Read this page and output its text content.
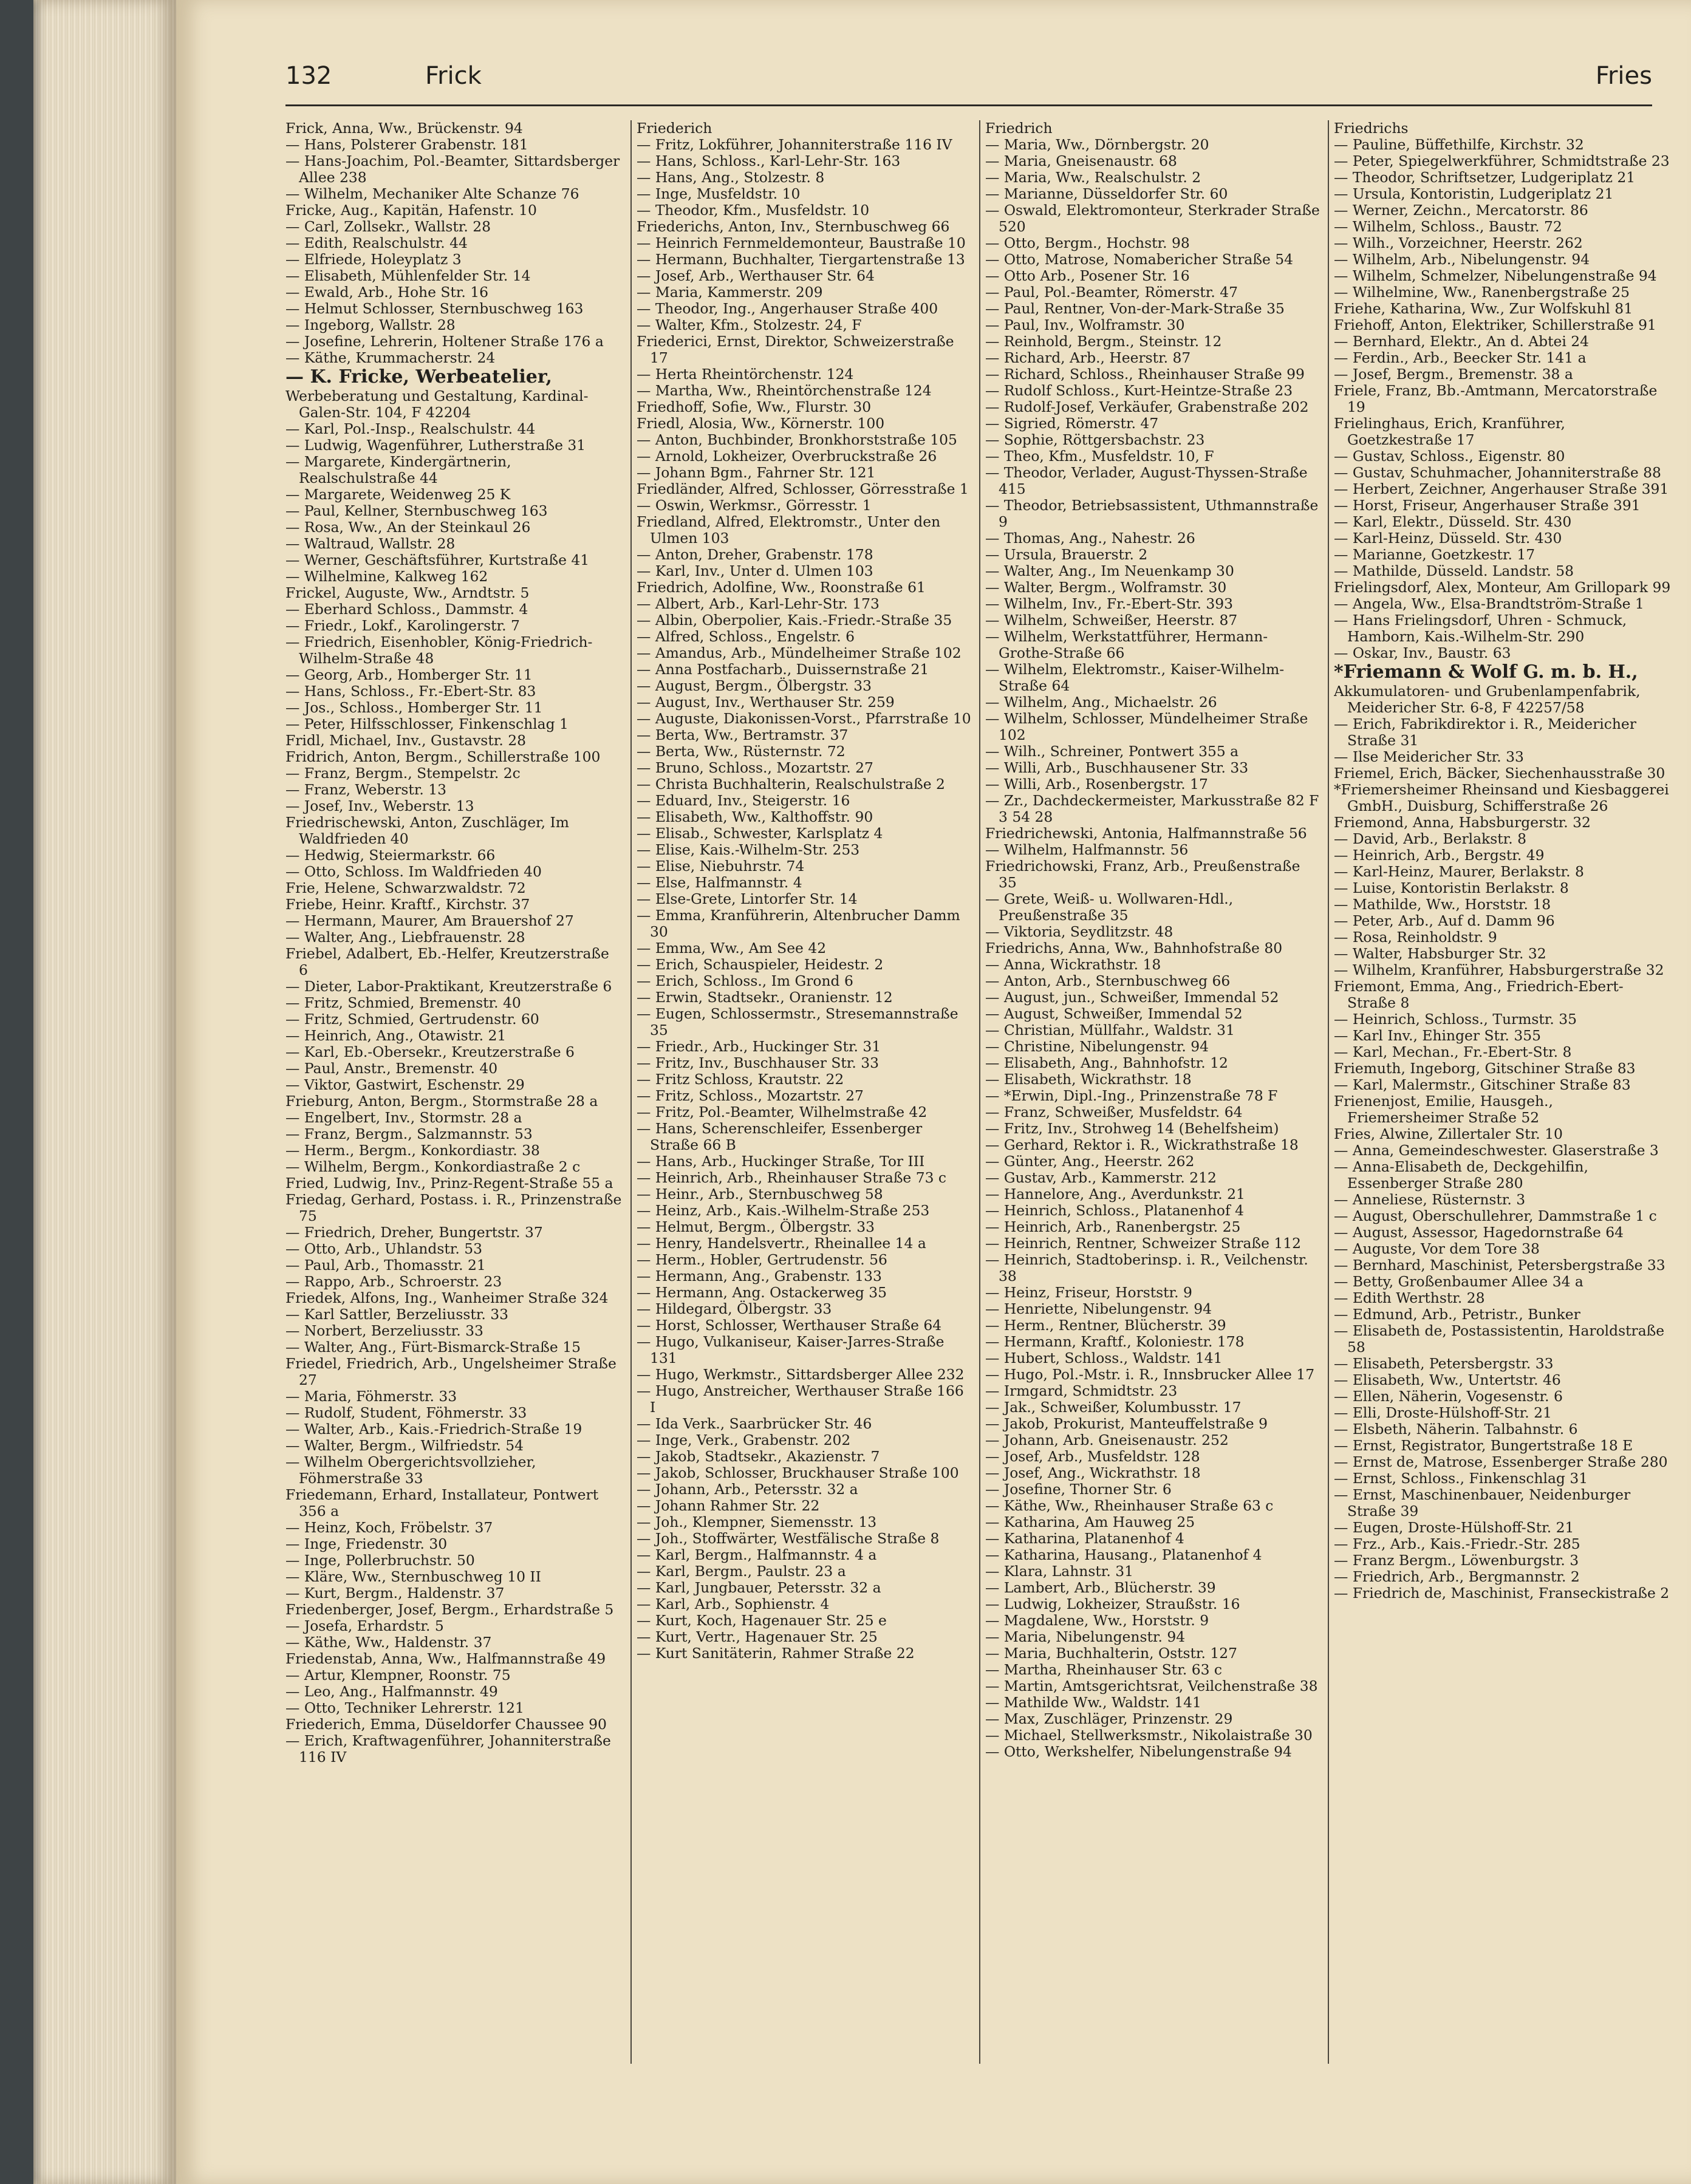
132	Frick	Fries

Frick, Anna, Ww., Brückenstr. 94

— Hans, Polsterer Grabenstr. 181

— Hans-Joachim, Pol.-Beamter, Sittardsberger Allee 238

— Wilhelm, Mechaniker Alte Schanze 76

Fricke, Aug., Kapitän, Hafenstr. 10

— Carl, Zollsekr., Wallstr. 28

— Edith, Realschulstr. 44

— Elfriede, Holeyplatz 3

— Elisabeth, Mühlenfelder Str. 14

— Ewald, Arb., Hohe Str. 16

— Helmut Schlosser, Sternbuschweg 163

— Ingeborg, Wallstr. 28

— Josefine, Lehrerin, Holtener Straße 176 a

— Käthe, Krummacherstr. 24

— K. Fricke, Werbeatelier,

Werbeberatung und Gestaltung, Kardinal-Galen-Str. 104, F 42204

— Karl, Pol.-Insp., Realschulstr. 44

— Ludwig, Wagenführer, Lutherstraße 31

— Margarete, Kindergärtnerin, Realschulstraße 44

— Margarete, Weidenweg 25 K

— Paul, Kellner, Sternbuschweg 163

— Rosa, Ww., An der Steinkaul 26

— Waltraud, Wallstr. 28

— Werner, Geschäftsführer, Kurtstraße 41

— Wilhelmine, Kalkweg 162

Frickel, Auguste, Ww., Arndtstr. 5

— Eberhard Schloss., Dammstr. 4

— Friedr., Lokf., Karolingerstr. 7

— Friedrich, Eisenhobler, König-Friedrich-Wilhelm-Straße 48

— Georg, Arb., Homberger Str. 11

— Hans, Schloss., Fr.-Ebert-Str. 83

— Jos., Schloss., Homberger Str. 11

— Peter, Hilfsschlosser, Finkenschlag 1

Fridl, Michael, Inv., Gustavstr. 28

Fridrich, Anton, Bergm., Schillerstraße 100

— Franz, Bergm., Stempelstr. 2c

— Franz, Weberstr. 13

— Josef, Inv., Weberstr. 13

Friedrischewski, Anton, Zuschläger, Im Waldfrieden 40

— Hedwig, Steiermarkstr. 66

— Otto, Schloss. Im Waldfrieden 40

Frie, Helene, Schwarzwaldstr. 72

Friebe, Heinr. Kraftf., Kirchstr. 37

— Hermann, Maurer, Am Brauershof 27

— Walter, Ang., Liebfrauenstr. 28

Friebel, Adalbert, Eb.-Helfer, Kreutzerstraße 6

— Dieter, Labor-Praktikant, Kreutzerstraße 6

— Fritz, Schmied, Bremenstr. 40

— Fritz, Schmied, Gertrudenstr. 60

— Heinrich, Ang., Otawistr. 21

— Karl, Eb.-Obersekr., Kreutzerstraße 6

— Paul, Anstr., Bremenstr. 40

— Viktor, Gastwirt, Eschenstr. 29

Frieburg, Anton, Bergm., Stormstraße 28 a

— Engelbert, Inv., Stormstr. 28 a

— Franz, Bergm., Salzmannstr. 53

— Herm., Bergm., Konkordiastr. 38

— Wilhelm, Bergm., Konkordiastraße 2 c

Fried, Ludwig, Inv., Prinz-Regent-Straße 55 a

Friedag, Gerhard, Postass. i. R., Prinzenstraße 75

— Friedrich, Dreher, Bungertstr. 37

— Otto, Arb., Uhlandstr. 53

— Paul, Arb., Thomasstr. 21

— Rappo, Arb., Schroerstr. 23

Friedek, Alfons, Ing., Wanheimer Straße 324

— Karl Sattler, Berzeliusstr. 33

— Norbert, Berzeliusstr. 33

— Walter, Ang., Fürt-Bismarck-Straße 15

Friedel, Friedrich, Arb., Ungelsheimer Straße 27

— Maria, Föhmerstr. 33

— Rudolf, Student, Föhmerstr. 33

— Walter, Arb., Kais.-Friedrich-Straße 19

— Walter, Bergm., Wilfriedstr. 54

— Wilhelm Obergerichtsvollzieher, Föhmerstraße 33

Friedemann, Erhard, Installateur, Pontwert 356 a

— Heinz, Koch, Fröbelstr. 37

— Inge, Friedenstr. 30

— Inge, Pollerbruchstr. 50

— Kläre, Ww., Sternbuschweg 10 II

— Kurt, Bergm., Haldenstr. 37

Friedenberger, Josef, Bergm., Erhardstraße 5

— Josefa, Erhardstr. 5

— Käthe, Ww., Haldenstr. 37

Friedenstab, Anna, Ww., Halfmannstraße 49

— Artur, Klempner, Roonstr. 75

— Leo, Ang., Halfmannstr. 49

— Otto, Techniker Lehrerstr. 121

Friederich, Emma, Düseldorfer Chaussee 90

— Erich, Kraftwagenführer, Johanniterstraße 116 IV

Friederich

— Fritz, Lokführer, Johanniterstraße 116 IV

— Hans, Schloss., Karl-Lehr-Str. 163

— Hans, Ang., Stolzestr. 8

— Inge, Musfeldstr. 10

— Theodor, Kfm., Musfeldstr. 10

Friederichs, Anton, Inv., Sternbuschweg 66

— Heinrich Fernmeldemonteur, Baustraße 10

— Hermann, Buchhalter, Tiergartenstraße 13

— Josef, Arb., Werthauser Str. 64

— Maria, Kammerstr. 209

— Theodor, Ing., Angerhauser Straße 400

— Walter, Kfm., Stolzestr. 24, F

Friederici, Ernst, Direktor, Schweizerstraße 17

— Herta Rheintörchenstr. 124

— Martha, Ww., Rheintörchenstraße 124

Friedhoff, Sofie, Ww., Flurstr. 30

Friedl, Alosia, Ww., Körnerstr. 100

— Anton, Buchbinder, Bronkhorststraße 105

— Arnold, Lokheizer, Overbruckstraße 26

— Johann Bgm., Fahrner Str. 121

Friedländer, Alfred, Schlosser, Görresstraße 1

— Oswin, Werkmsr., Görresstr. 1

Friedland, Alfred, Elektromstr., Unter den Ulmen 103

— Anton, Dreher, Grabenstr. 178

— Karl, Inv., Unter d. Ulmen 103

Friedrich, Adolfine, Ww., Roonstraße 61

— Albert, Arb., Karl-Lehr-Str. 173

— Albin, Oberpolier, Kais.-Friedr.-Straße 35

— Alfred, Schloss., Engelstr. 6

— Amandus, Arb., Mündelheimer Straße 102

— Anna Postfacharb., Duissernstraße 21

— August, Bergm., Ölbergstr. 33

— August, Inv., Werthauser Str. 259

— Auguste, Diakonissen-Vorst., Pfarrstraße 10

— Berta, Ww., Bertramstr. 37

— Berta, Ww., Rüsternstr. 72

— Bruno, Schloss., Mozartstr. 27

— Christa Buchhalterin, Realschulstraße 2

— Eduard, Inv., Steigerstr. 16

— Elisabeth, Ww., Kalthoffstr. 90

— Elisab., Schwester, Karlsplatz 4

— Elise, Kais.-Wilhelm-Str. 253

— Elise, Niebuhrstr. 74

— Else, Halfmannstr. 4

— Else-Grete, Lintorfer Str. 14

— Emma, Kranführerin, Altenbrucher Damm 30

— Emma, Ww., Am See 42

— Erich, Schauspieler, Heidestr. 2

— Erich, Schloss., Im Grond 6

— Erwin, Stadtsekr., Oranienstr. 12

— Eugen, Schlossermstr., Stresemannstraße 35

— Friedr., Arb., Huckinger Str. 31

— Fritz, Inv., Buschhauser Str. 33

— Fritz Schloss, Krautstr. 22

— Fritz, Schloss., Mozartstr. 27

— Fritz, Pol.-Beamter, Wilhelmstraße 42

— Hans, Scherenschleifer, Essenberger Straße 66 B

— Hans, Arb., Huckinger Straße, Tor III

— Heinrich, Arb., Rheinhauser Straße 73 c

— Heinr., Arb., Sternbuschweg 58

— Heinz, Arb., Kais.-Wilhelm-Straße 253

— Helmut, Bergm., Ölbergstr. 33

— Henry, Handelsvertr., Rheinallee 14 a

— Herm., Hobler, Gertrudenstr. 56

— Hermann, Ang., Grabenstr. 133

— Hermann, Ang. Ostackerweg 35

— Hildegard, Ölbergstr. 33

— Horst, Schlosser, Werthauser Straße 64

— Hugo, Vulkaniseur, Kaiser-Jarres-Straße 131

— Hugo, Werkmstr., Sittardsberger Allee 232

— Hugo, Anstreicher, Werthauser Straße 166 I

— Ida Verk., Saarbrücker Str. 46

— Inge, Verk., Grabenstr. 202

— Jakob, Stadtsekr., Akazienstr. 7

— Jakob, Schlosser, Bruckhauser Straße 100

— Johann, Arb., Petersstr. 32 a

— Johann Rahmer Str. 22

— Joh., Klempner, Siemensstr. 13

— Joh., Stoffwärter, Westfälische Straße 8

— Karl, Bergm., Halfmannstr. 4 a

— Karl, Bergm., Paulstr. 23 a

— Karl, Jungbauer, Petersstr. 32 a

— Karl, Arb., Sophienstr. 4

— Kurt, Koch, Hagenauer Str. 25 e

— Kurt, Vertr., Hagenauer Str. 25

— Kurt Sanitäterin, Rahmer Straße 22

Friedrich

— Maria, Ww., Dörnbergstr. 20

— Maria, Gneisenaustr. 68

— Maria, Ww., Realschulstr. 2

— Marianne, Düsseldorfer Str. 60

— Oswald, Elektromonteur, Sterkrader Straße 520

— Otto, Bergm., Hochstr. 98

— Otto, Matrose, Nomabericher Straße 54

— Otto Arb., Posener Str. 16

— Paul, Pol.-Beamter, Römerstr. 47

— Paul, Rentner, Von-der-Mark-Straße 35

— Paul, Inv., Wolframstr. 30

— Reinhold, Bergm., Steinstr. 12

— Richard, Arb., Heerstr. 87

— Richard, Schloss., Rheinhauser Straße 99

— Rudolf Schloss., Kurt-Heintze-Straße 23

— Rudolf-Josef, Verkäufer, Grabenstraße 202

— Sigried, Römerstr. 47

— Sophie, Röttgersbachstr. 23

— Theo, Kfm., Musfeldstr. 10, F

— Theodor, Verlader, August-Thyssen-Straße 415

— Theodor, Betriebsassistent, Uthmannstraße 9

— Thomas, Ang., Nahestr. 26

— Ursula, Brauerstr. 2

— Walter, Ang., Im Neuenkamp 30

— Walter, Bergm., Wolframstr. 30

— Wilhelm, Inv., Fr.-Ebert-Str. 393

— Wilhelm, Schweißer, Heerstr. 87

— Wilhelm, Werkstattführer, Hermann-Grothe-Straße 66

— Wilhelm, Elektromstr., Kaiser-Wilhelm-Straße 64

— Wilhelm, Ang., Michaelstr. 26

— Wilhelm, Schlosser, Mündelheimer Straße 102

— Wilh., Schreiner, Pontwert 355 a

— Willi, Arb., Buschhausener Str. 33

— Willi, Arb., Rosenbergstr. 17

— Zr., Dachdeckermeister, Markusstraße 82 F 3 54 28

Friedrichewski, Antonia, Halfmannstraße 56

— Wilhelm, Halfmannstr. 56

Friedrichowski, Franz, Arb., Preußenstraße 35

— Grete, Weiß- u. Wollwaren-Hdl., Preußenstraße 35

— Viktoria, Seydlitzstr. 48

Friedrichs, Anna, Ww., Bahnhofstraße 80

— Anna, Wickrathstr. 18

— Anton, Arb., Sternbuschweg 66

— August, jun., Schweißer, Immendal 52

— August, Schweißer, Immendal 52

— Christian, Müllfahr., Waldstr. 31

— Christine, Nibelungenstr. 94

— Elisabeth, Ang., Bahnhofstr. 12

— Elisabeth, Wickrathstr. 18

— *Erwin, Dipl.-Ing., Prinzenstraße 78 F

— Franz, Schweißer, Musfeldstr. 64

— Fritz, Inv., Strohweg 14 (Behelfsheim)

— Gerhard, Rektor i. R., Wickrathstraße 18

— Günter, Ang., Heerstr. 262

— Gustav, Arb., Kammerstr. 212

— Hannelore, Ang., Averdunkstr. 21

— Heinrich, Schloss., Platanenhof 4

— Heinrich, Arb., Ranenbergstr. 25

— Heinrich, Rentner, Schweizer Straße 112

— Heinrich, Stadtoberinsp. i. R., Veilchenstr. 38

— Heinz, Friseur, Horststr. 9

— Henriette, Nibelungenstr. 94

— Herm., Rentner, Blücherstr. 39

— Hermann, Kraftf., Koloniestr. 178

— Hubert, Schloss., Waldstr. 141

— Hugo, Pol.-Mstr. i. R., Innsbrucker Allee 17

— Irmgard, Schmidtstr. 23

— Jak., Schweißer, Kolumbusstr. 17

— Jakob, Prokurist, Manteuffelstraße 9

— Johann, Arb. Gneisenaustr. 252

— Josef, Arb., Musfeldstr. 128

— Josef, Ang., Wickrathstr. 18

— Josefine, Thorner Str. 6

— Käthe, Ww., Rheinhauser Straße 63 c

— Katharina, Am Hauweg 25

— Katharina, Platanenhof 4

— Katharina, Hausang., Platanenhof 4

— Klara, Lahnstr. 31

— Lambert, Arb., Blücherstr. 39

— Ludwig, Lokheizer, Straußstr. 16

— Magdalene, Ww., Horststr. 9

— Maria, Nibelungenstr. 94

— Maria, Buchhalterin, Oststr. 127

— Martha, Rheinhauser Str. 63 c

— Martin, Amtsgerichtsrat, Veilchenstraße 38

— Mathilde Ww., Waldstr. 141

— Max, Zuschläger, Prinzenstr. 29

— Michael, Stellwerksmstr., Nikolaistraße 30

— Otto, Werkshelfer, Nibelungenstraße 94

Friedrichs

— Pauline, Büffethilfe, Kirchstr. 32

— Peter, Spiegelwerkführer, Schmidtstraße 23

— Theodor, Schriftsetzer, Ludgeriplatz 21

— Ursula, Kontoristin, Ludgeriplatz 21

— Werner, Zeichn., Mercatorstr. 86

— Wilhelm, Schloss., Baustr. 72

— Wilh., Vorzeichner, Heerstr. 262

— Wilhelm, Arb., Nibelungenstr. 94

— Wilhelm, Schmelzer, Nibelungenstraße 94

— Wilhelmine, Ww., Ranenbergstraße 25

Friehe, Katharina, Ww., Zur Wolfskuhl 81

Friehoff, Anton, Elektriker, Schillerstraße 91

— Bernhard, Elektr., An d. Abtei 24

— Ferdin., Arb., Beecker Str. 141 a

— Josef, Bergm., Bremenstr. 38 a

Friele, Franz, Bb.-Amtmann, Mercatorstraße 19

Frielinghaus, Erich, Kranführer, Goetzkestraße 17

— Gustav, Schloss., Eigenstr. 80

— Gustav, Schuhmacher, Johanniterstraße 88

— Herbert, Zeichner, Angerhauser Straße 391

— Horst, Friseur, Angerhauser Straße 391

— Karl, Elektr., Düsseld. Str. 430

— Karl-Heinz, Düsseld. Str. 430

— Marianne, Goetzkestr. 17

— Mathilde, Düsseld. Landstr. 58

Frielingsdorf, Alex, Monteur, Am Grillopark 99

— Angela, Ww., Elsa-Brandtström-Straße 1

— Hans Frielingsdorf, Uhren - Schmuck, Hamborn, Kais.-Wilhelm-Str. 290

— Oskar, Inv., Baustr. 63

*Friemann & Wolf G. m. b. H.,

Akkumulatoren- und Grubenlampenfabrik, Meidericher Str. 6-8, F 42257/58

— Erich, Fabrikdirektor i. R., Meidericher Straße 31

— Ilse Meidericher Str. 33

Friemel, Erich, Bäcker, Siechenhausstraße 30

*Friemersheimer Rheinsand und Kiesbaggerei GmbH., Duisburg, Schifferstraße 26

Friemond, Anna, Habsburgerstr. 32

— David, Arb., Berlakstr. 8

— Heinrich, Arb., Bergstr. 49

— Karl-Heinz, Maurer, Berlakstr. 8

— Luise, Kontoristin Berlakstr. 8

— Mathilde, Ww., Horststr. 18

— Peter, Arb., Auf d. Damm 96

— Rosa, Reinholdstr. 9

— Walter, Habsburger Str. 32

— Wilhelm, Kranführer, Habsburgerstraße 32

Friemont, Emma, Ang., Friedrich-Ebert-Straße 8

— Heinrich, Schloss., Turmstr. 35

— Karl Inv., Ehinger Str. 355

— Karl, Mechan., Fr.-Ebert-Str. 8

Friemuth, Ingeborg, Gitschiner Straße 83

— Karl, Malermstr., Gitschiner Straße 83

Frienenjost, Emilie, Hausgeh., Friemersheimer Straße 52

Fries, Alwine, Zillertaler Str. 10

— Anna, Gemeindeschwester. Glaserstraße 3

— Anna-Elisabeth de, Deckgehilfin, Essenberger Straße 280

— Anneliese, Rüsternstr. 3

— August, Oberschullehrer, Dammstraße 1 c

— August, Assessor, Hagedornstraße 64

— Auguste, Vor dem Tore 38

— Bernhard, Maschinist, Petersbergstraße 33

— Betty, Großenbaumer Allee 34 a

— Edith Werthstr. 28

— Edmund, Arb., Petristr., Bunker

— Elisabeth de, Postassistentin, Haroldstraße 58

— Elisabeth, Petersbergstr. 33

— Elisabeth, Ww., Untertstr. 46

— Ellen, Näherin, Vogesenstr. 6

— Elli, Droste-Hülshoff-Str. 21

— Elsbeth, Näherin. Talbahnstr. 6

— Ernst, Registrator, Bungertstraße 18 E

— Ernst de, Matrose, Essenberger Straße 280

— Ernst, Schloss., Finkenschlag 31

— Ernst, Maschinenbauer, Neidenburger Straße 39

— Eugen, Droste-Hülshoff-Str. 21

— Frz., Arb., Kais.-Friedr.-Str. 285

— Franz Bergm., Löwenburgstr. 3

— Friedrich, Arb., Bergmannstr. 2

— Friedrich de, Maschinist, Franseckistraße 2
